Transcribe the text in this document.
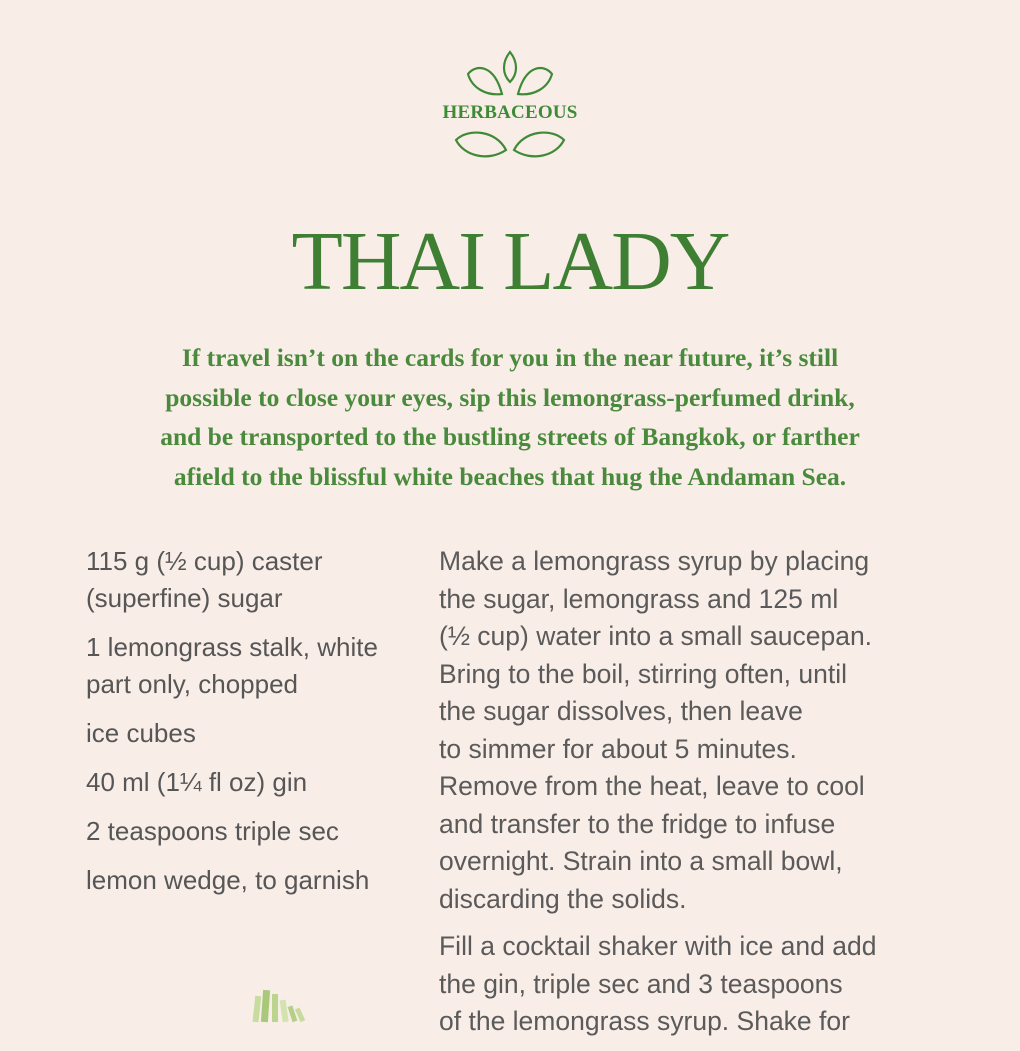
HERBACEOUS
THAI LADY

If travel isn’t on the cards for you in the near future, it’s still
possible to close your eyes, sip this lemongrass-perfumed drink,
and be transported to the bustling streets of Bangkok, or farther
afield to the blissful white beaches that hug the Andaman Sea.

115 g (½ cup) caster (superfine) sugar
1 lemongrass stalk, white part only, chopped
ice cubes
40 ml (1¼ fl oz) gin
2 teaspoons triple sec
lemon wedge, to garnish

Make a lemongrass syrup by placing
the sugar, lemongrass and 125 ml
(½ cup) water into a small saucepan.
Bring to the boil, stirring often, until
the sugar dissolves, then leave
to simmer for about 5 minutes.
Remove from the heat, leave to cool
and transfer to the fridge to infuse
overnight. Strain into a small bowl,
discarding the solids.

Fill a cocktail shaker with ice and add
the gin, triple sec and 3 teaspoons
of the lemongrass syrup. Shake for
